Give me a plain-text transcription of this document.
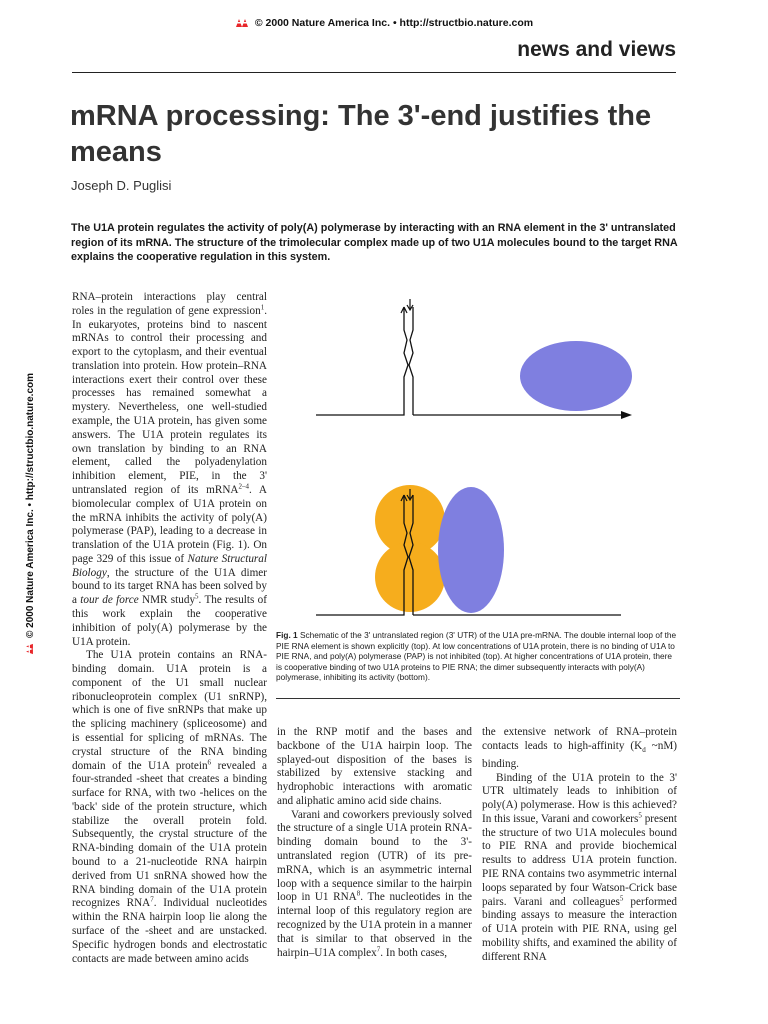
© 2000 Nature America Inc. • http://structbio.nature.com
news and views
mRNA processing: The 3'-end justifies the means
Joseph D. Puglisi
The U1A protein regulates the activity of poly(A) polymerase by interacting with an RNA element in the 3' untranslated region of its mRNA. The structure of the trimolecular complex made up of two U1A molecules bound to the target RNA explains the cooperative regulation in this system.
© 2000 Nature America Inc. • http://structbio.nature.com

RNA–protein interactions play central roles in the regulation of gene expression$^1$. In eukaryotes, proteins bind to nascent mRNAs to control their processing and export to the cytoplasm, and their eventual translation into protein. How protein–RNA interactions exert their control over these processes has remained somewhat a mystery. Nevertheless, one well-studied example, the U1A protein, has given some answers. The U1A protein regulates its own translation by binding to an RNA element, called the polyadenylation inhibition element, PIE, in the 3' untranslated region of its mRNA$^{2-4}$. A biomolecular complex of U1A protein on the mRNA inhibits the activity of poly(A) polymerase (PAP), leading to a decrease in translation of the U1A protein (Fig. 1). On page 329 of this issue of Nature Structural Biology, the structure of the U1A dimer bound to its target RNA has been solved by a tour de force NMR study$^5$. The results of this work explain the cooperative inhibition of poly(A) polymerase by the U1A protein.

The U1A protein contains an RNA-binding domain. U1A protein is a component of the U1 small nuclear ribonucleoprotein complex (U1 snRNP), which is one of five snRNPs that make up the splicing machinery (spliceosome) and is essential for splicing of mRNAs. The crystal structure of the RNA binding domain of the U1A protein$^6$ revealed a four-stranded -sheet that creates a binding surface for RNA, with two -helices on the 'back' side of the protein structure, which stabilize the overall protein fold. Subsequently, the crystal structure of the RNA-binding domain of the U1A protein bound to a 21-nucleotide RNA hairpin derived from U1 snRNA showed how the RNA binding domain of the U1A protein recognizes RNA$^7$. Individual nucleotides within the RNA hairpin loop lie along the surface of the -sheet and are unstacked. Specific hydrogen bonds and electrostatic contacts are made between amino acids

Fig. 1 Schematic of the 3' untranslated region (3' UTR) of the U1A pre-mRNA. The double internal loop of the PIE RNA element is shown explicitly (top). At low concentrations of U1A protein, there is no binding of U1A to PIE RNA, and poly(A) polymerase (PAP) is not inhibited (top). At higher concentrations of U1A protein, there is cooperative binding of two U1A proteins to PIE RNA; the dimer subsequently interacts with poly(A) polymerase, inhibiting its activity (bottom).

in the RNP motif and the bases and backbone of the U1A hairpin loop. The splayed-out disposition of the bases is stabilized by extensive stacking and hydrophobic interactions with aromatic and aliphatic amino acid side chains.

Varani and coworkers previously solved the structure of a single U1A protein RNA-binding domain bound to the 3'-untranslated region (UTR) of its pre-mRNA, which is an asymmetric internal loop with a sequence similar to the hairpin loop in U1 RNA$^8$. The nucleotides in the internal loop of this regulatory region are recognized by the U1A protein in a manner that is similar to that observed in the hairpin–U1A complex$^7$. In both cases,

the extensive network of RNA–protein contacts leads to high-affinity ($K_d$ ~nM) binding.

Binding of the U1A protein to the 3' UTR ultimately leads to inhibition of poly(A) polymerase. How is this achieved? In this issue, Varani and coworkers$^5$ present the structure of two U1A molecules bound to PIE RNA and provide biochemical results to address U1A protein function. PIE RNA contains two asymmetric internal loops separated by four Watson-Crick base pairs. Varani and colleagues$^5$ performed binding assays to measure the interaction of U1A protein with PIE RNA, using gel mobility shifts, and examined the ability of different RNA
